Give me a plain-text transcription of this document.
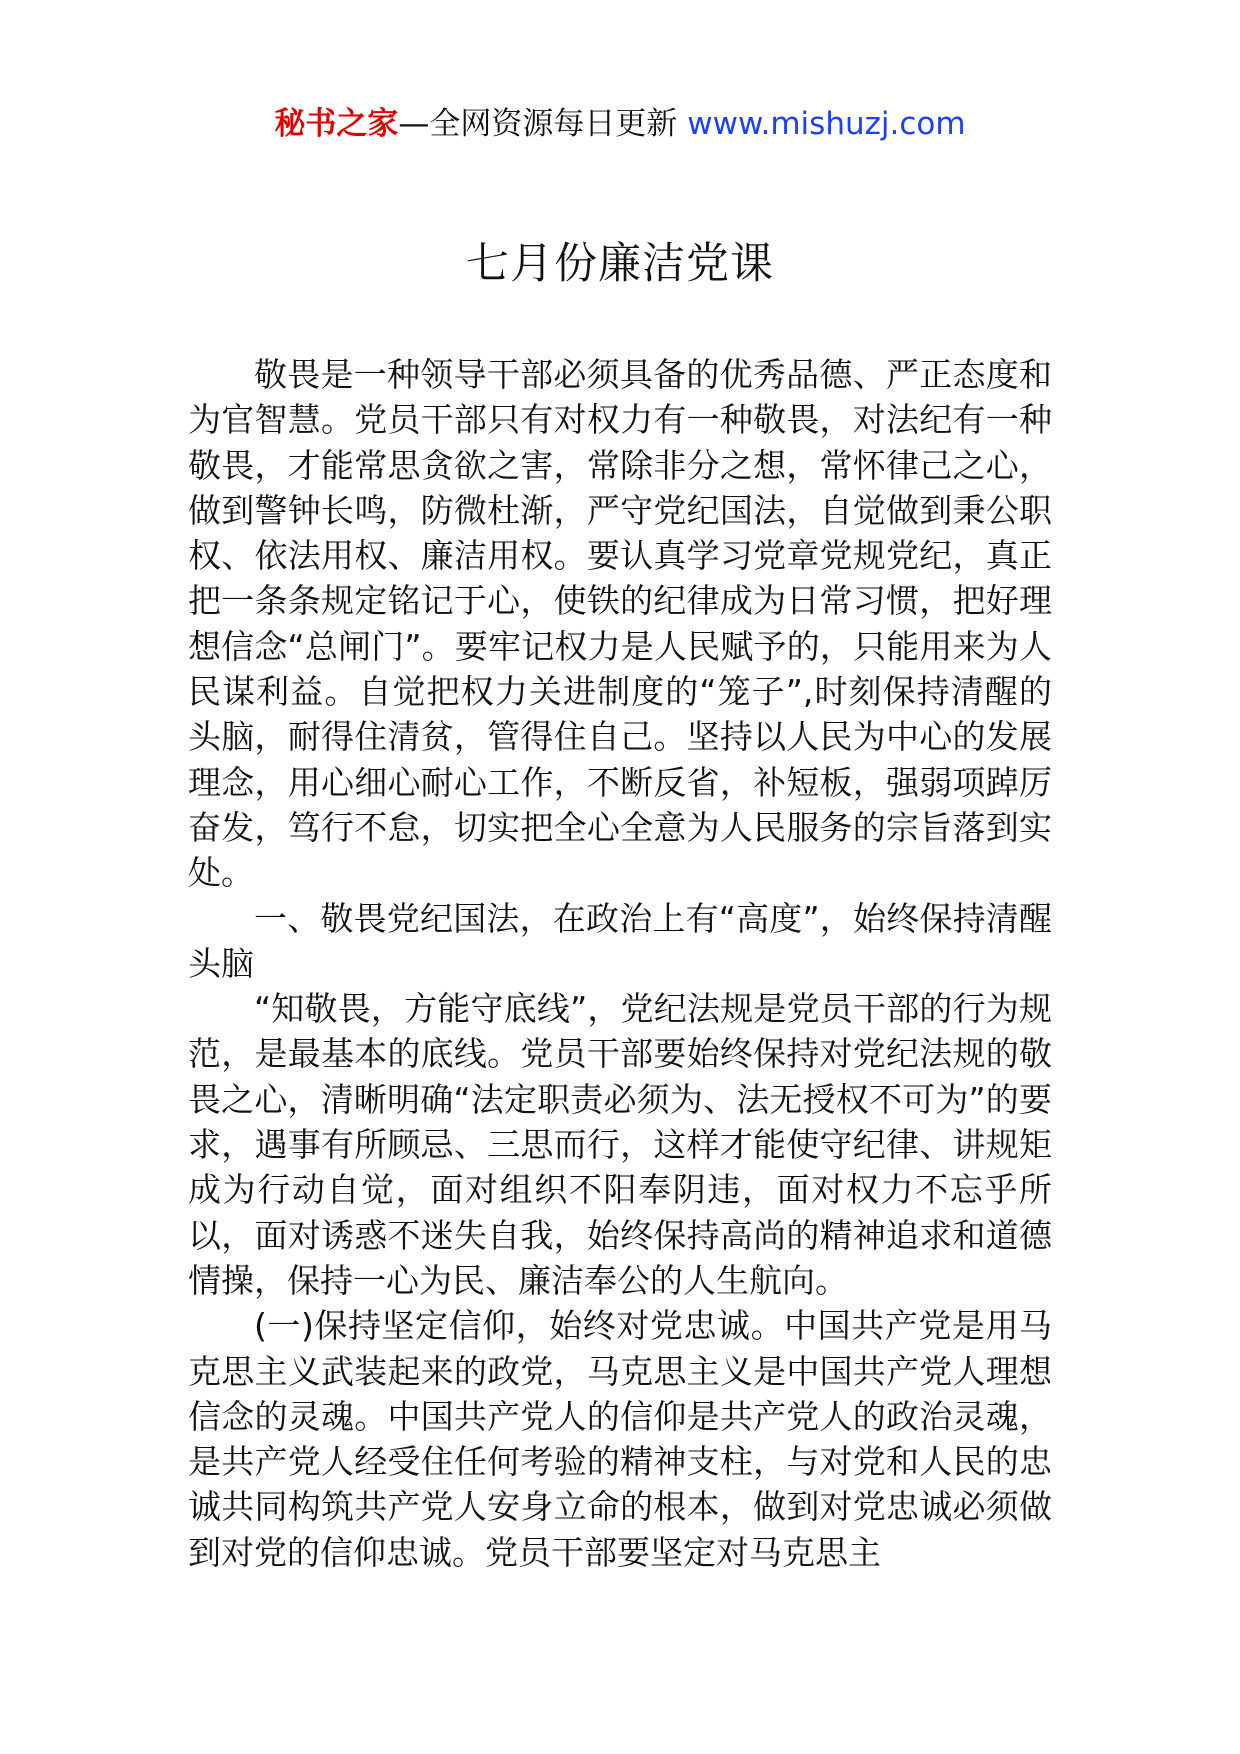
秘书之家—全网资源每日更新 www.mishuzj.com
七月份廉洁党课

敬畏是一种领导干部必须具备的优秀品德、严正态度和为官智慧。党员干部只有对权力有一种敬畏，对法纪有一种敬畏，才能常思贪欲之害，常除非分之想，常怀律己之心，做到警钟长鸣，防微杜渐，严守党纪国法，自觉做到秉公职权、依法用权、廉洁用权。要认真学习党章党规党纪，真正把一条条规定铭记于心，使铁的纪律成为日常习惯，把好理想信念“总闸门”。要牢记权力是人民赋予的，只能用来为人民谋利益。自觉把权力关进制度的“笼子”,时刻保持清醒的头脑，耐得住清贫，管得住自己。坚持以人民为中心的发展理念，用心细心耐心工作，不断反省，补短板，强弱项踔厉奋发，笃行不怠，切实把全心全意为人民服务的宗旨落到实处。

一、敬畏党纪国法，在政治上有“高度”，始终保持清醒头脑

“知敬畏，方能守底线”，党纪法规是党员干部的行为规范，是最基本的底线。党员干部要始终保持对党纪法规的敬畏之心，清晰明确“法定职责必须为、法无授权不可为”的要求，遇事有所顾忌、三思而行，这样才能使守纪律、讲规矩成为行动自觉，面对组织不阳奉阴违，面对权力不忘乎所以，面对诱惑不迷失自我，始终保持高尚的精神追求和道德情操，保持一心为民、廉洁奉公的人生航向。

(一)保持坚定信仰，始终对党忠诚。中国共产党是用马克思主义武装起来的政党，马克思主义是中国共产党人理想信念的灵魂。中国共产党人的信仰是共产党人的政治灵魂，是共产党人经受住任何考验的精神支柱，与对党和人民的忠诚共同构筑共产党人安身立命的根本，做到对党忠诚必须做到对党的信仰忠诚。党员干部要坚定对马克思主
